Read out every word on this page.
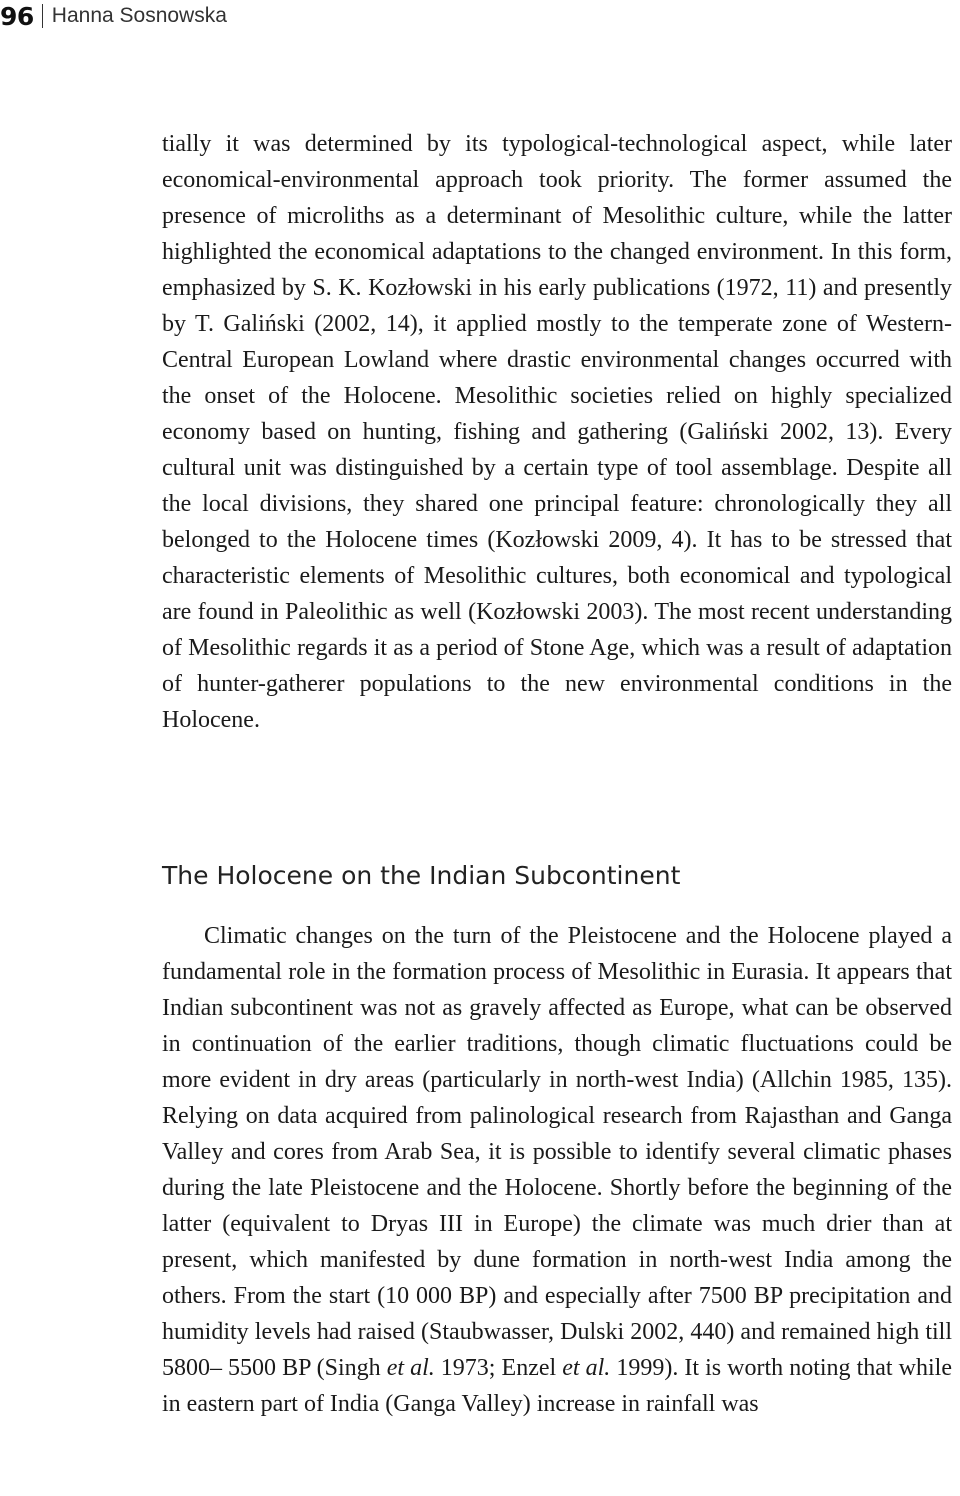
96 Hanna Sosnowska

tially it was determined by its typological-technological aspect, while later economical-environmental approach took priority. The former assumed the presence of microliths as a determinant of Mesolithic culture, while the latter highlighted the economical adaptations to the changed environment. In this form, emphasized by S. K. Kozłowski in his early publications (1972, 11) and presently by T. Galiński (2002, 14), it applied mostly to the temperate zone of Western-Central European Lowland where drastic environmental changes occurred with the onset of the Holocene. Mesolithic societies relied on highly specialized economy based on hunting, fishing and gathering (Galiński 2002, 13). Every cultural unit was distinguished by a certain type of tool assemblage. Despite all the local divisions, they shared one principal feature: chronologically they all belonged to the Holocene times (Kozłowski 2009, 4). It has to be stressed that characteristic elements of Mesolithic cultures, both economical and typological are found in Paleolithic as well (Kozłowski 2003). The most recent understanding of Mesolithic regards it as a period of Stone Age, which was a result of adaptation of hunter-gatherer populations to the new environmental conditions in the Holocene.

The Holocene on the Indian Subcontinent

Climatic changes on the turn of the Pleistocene and the Holocene played a fundamental role in the formation process of Mesolithic in Eurasia. It appears that Indian subcontinent was not as gravely affected as Europe, what can be observed in continuation of the earlier traditions, though climatic fluctuations could be more evident in dry areas (particularly in north-west India) (Allchin 1985, 135). Relying on data acquired from palinological research from Rajasthan and Ganga Valley and cores from Arab Sea, it is possible to identify several climatic phases during the late Pleistocene and the Holocene. Shortly before the beginning of the latter (equivalent to Dryas III in Europe) the climate was much drier than at present, which manifested by dune formation in north-west India among the others. From the start (10 000 BP) and especially after 7500 BP precipitation and humidity levels had raised (Staubwasser, Dulski 2002, 440) and remained high till 5800– 5500 BP (Singh et al. 1973; Enzel et al. 1999). It is worth noting that while in eastern part of India (Ganga Valley) increase in rainfall was
